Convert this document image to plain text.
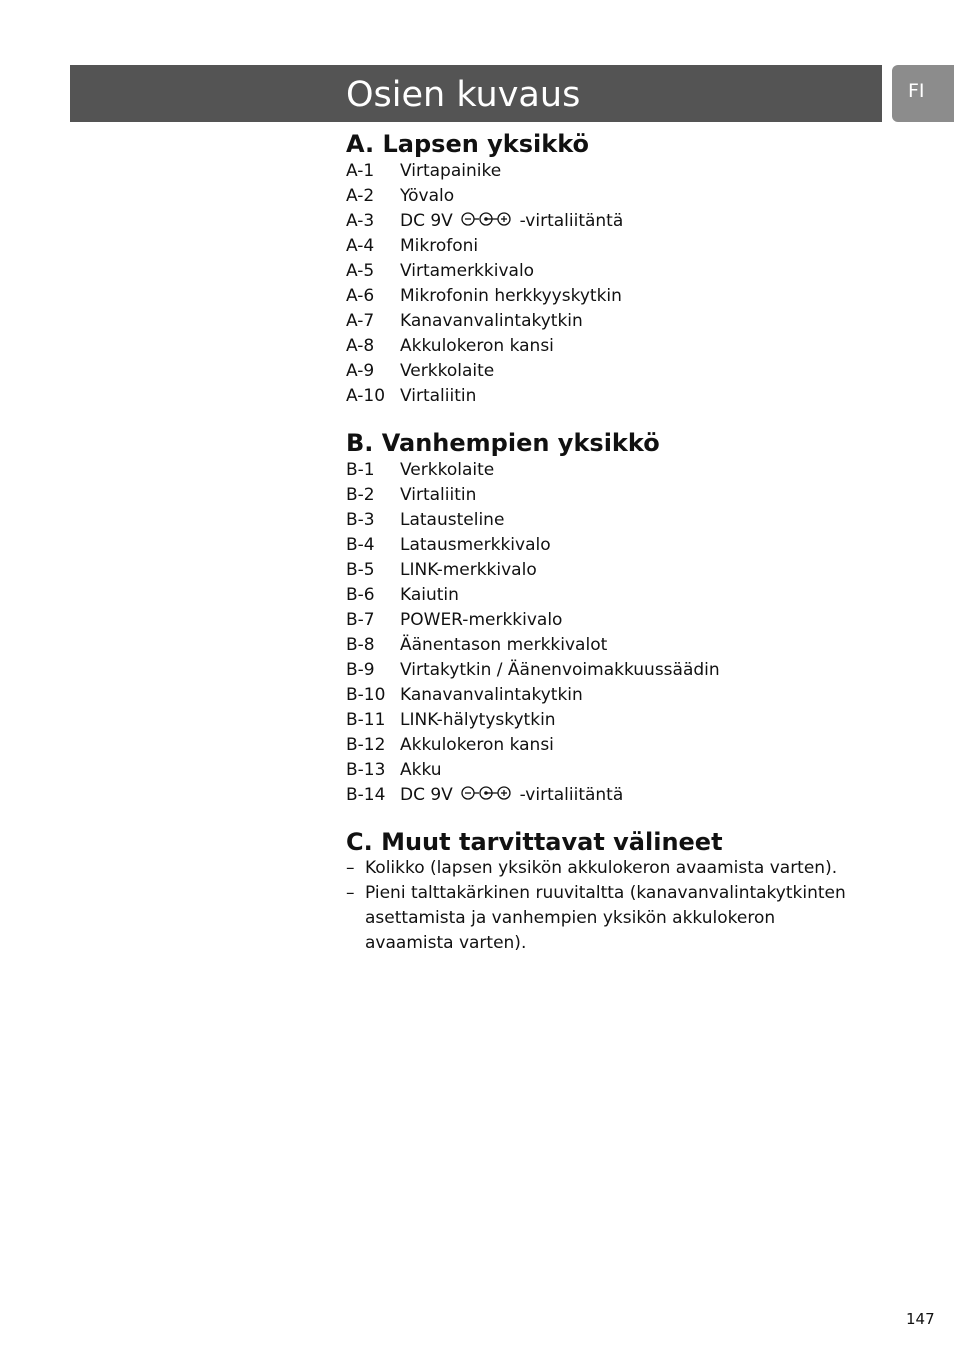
Osien kuvaus	FI
A. Lapsen yksikkö
A-1 Virtapainike
A-2 Yövalo
A-3 DC 9V	-virtaliitäntä
A-4 Mikrofoni
A-5 Virtamerkkivalo
A-6 Mikrofonin herkkyyskytkin
A-7 Kanavanvalintakytkin
A-8 Akkulokeron kansi
A-9 Verkkolaite
A-10 Virtaliitin
B. Vanhempien yksikkö
B-1 Verkkolaite
B-2 Virtaliitin
B-3 Latausteline
B-4 Latausmerkkivalo
B-5 LINK-merkkivalo
B-6 Kaiutin
B-7 POWER-merkkivalo
B-8 Äänentason merkkivalot
B-9 Virtakytkin / Äänenvoimakkuussäädin
B-10 Kanavanvalintakytkin
B-11 LINK-hälytyskytkin
B-12 Akkulokeron kansi
B-13 Akku
B-14 DC 9V	-virtaliitäntä
C. Muut tarvittavat välineet
– Kolikko (lapsen yksikön akkulokeron avaamista varten).
– Pieni talttakärkinen ruuvitaltta (kanavanvalintakytkinten asettamista ja vanhempien yksikön akkulokeron avaamista varten).
147
